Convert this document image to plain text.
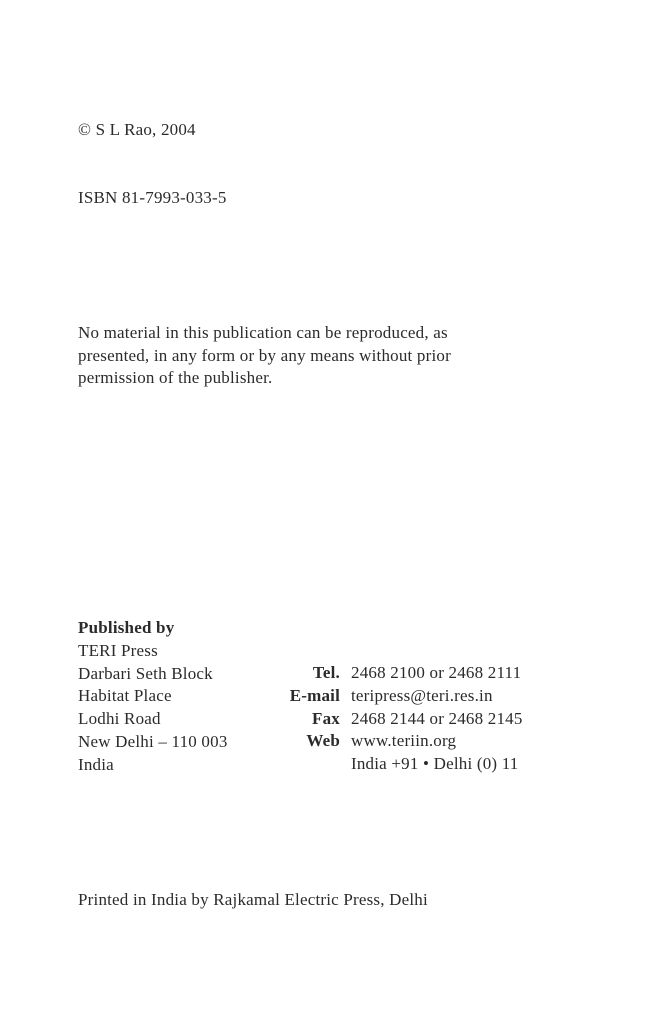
© S L Rao, 2004
ISBN 81-7993-033-5
No material in this publication can be reproduced, as
presented, in any form or by any means without prior
permission of the publisher.
Published by
TERI Press
Darbari Seth Block
Habitat Place
Lodhi Road
New Delhi – 110 003
India
Tel. 2468 2100 or 2468 2111
E-mail teripress@teri.res.in
Fax 2468 2144 or 2468 2145
Web www.teriin.org
India +91 • Delhi (0) 11
Printed in India by Rajkamal Electric Press, Delhi
